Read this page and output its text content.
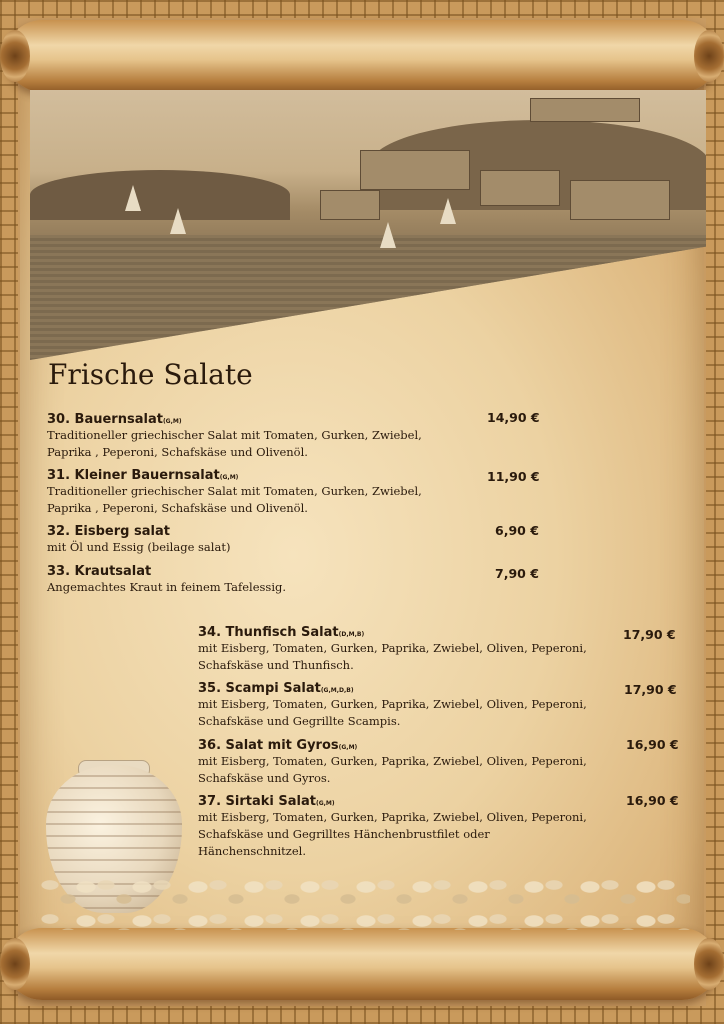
Frische Salate
30. Bauernsalat(G,M)
Traditioneller griechischer Salat mit Tomaten, Gurken, Zwiebel,
Paprika , Peperoni, Schafskäse und Olivenöl.
14,90 €
31. Kleiner Bauernsalat(G,M)
Traditioneller griechischer Salat mit Tomaten, Gurken, Zwiebel,
Paprika , Peperoni, Schafskäse und Olivenöl.
11,90 €
32. Eisberg salat
mit Öl und Essig (beilage salat)
6,90 €
33. Krautsalat
Angemachtes Kraut in feinem Tafelessig.
7,90 €
34. Thunfisch Salat(D,M,B)
mit Eisberg, Tomaten, Gurken, Paprika, Zwiebel, Oliven, Peperoni,
Schafskäse und Thunfisch.
17,90 €
35. Scampi Salat(G,M,D,B)
mit Eisberg, Tomaten, Gurken, Paprika, Zwiebel, Oliven, Peperoni,
Schafskäse und Gegrillte Scampis.
17,90 €
36. Salat mit Gyros(G,M)
mit Eisberg, Tomaten, Gurken, Paprika, Zwiebel, Oliven, Peperoni,
Schafskäse und Gyros.
16,90 €
37. Sirtaki Salat(G,M)
mit Eisberg, Tomaten, Gurken, Paprika, Zwiebel, Oliven, Peperoni,
Schafskäse und Gegrilltes Hänchenbrustfilet oder
Hänchenschnitzel.
16,90 €
